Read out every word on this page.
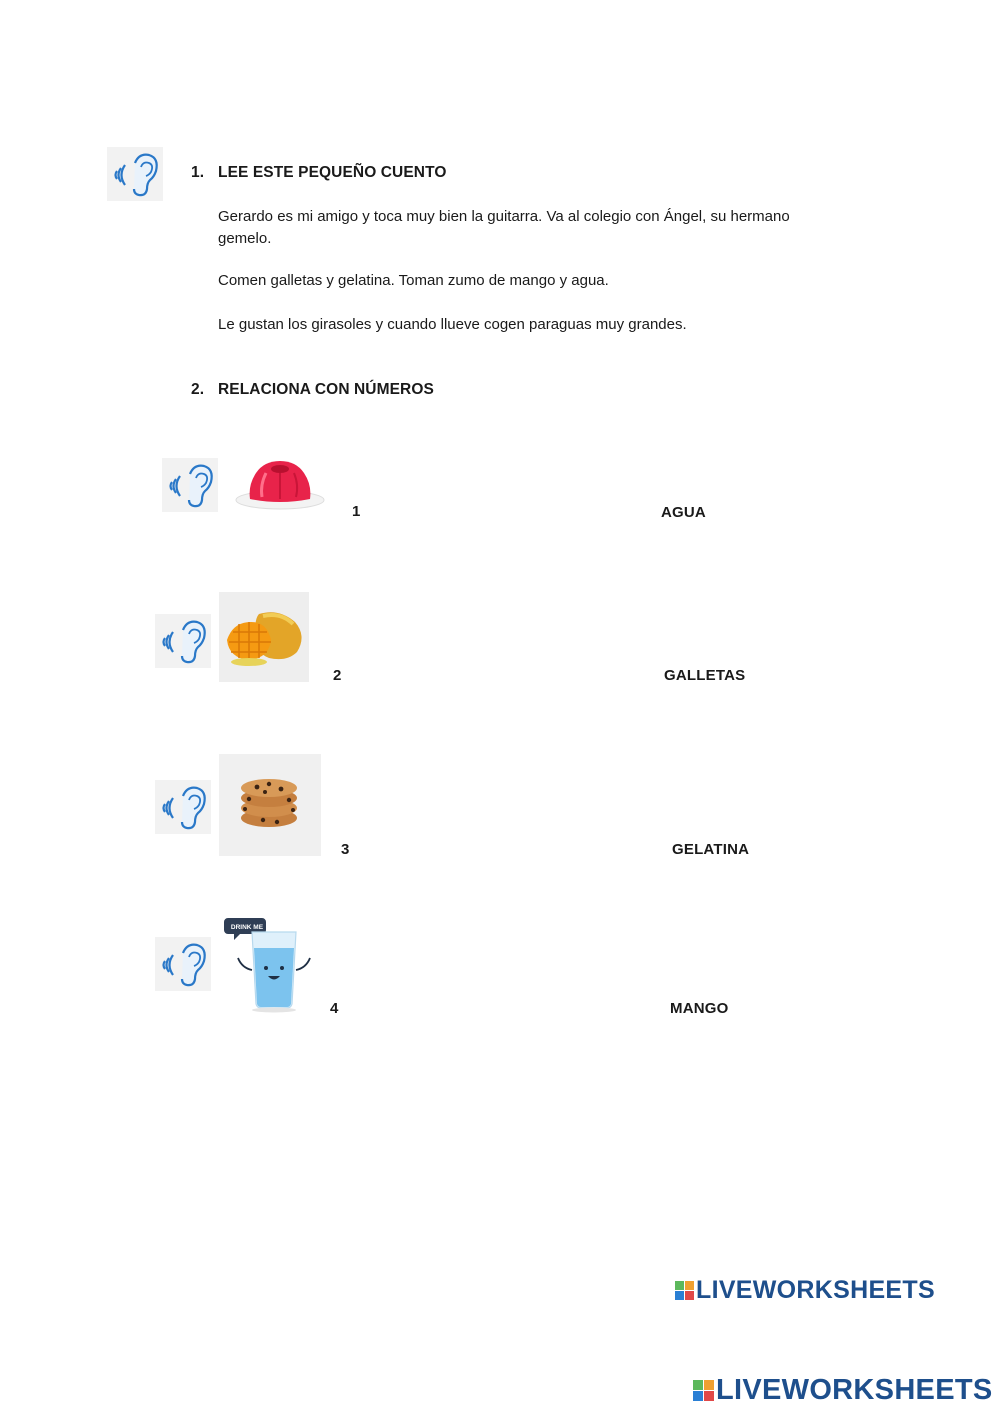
1. LEE ESTE PEQUEÑO CUENTO
Gerardo es mi amigo y toca muy bien la guitarra. Va al colegio con Ángel, su hermano gemelo.
Comen galletas y gelatina. Toman zumo de mango y agua.
Le gustan los girasoles y cuando llueve cogen paraguas muy grandes.
2. RELACIONA CON NÚMEROS
1	AGUA
2	GALLETAS
3	GELATINA
DRINK ME
4	MANGO
LIVEWORKSHEETS
LIVEWORKSHEETS
